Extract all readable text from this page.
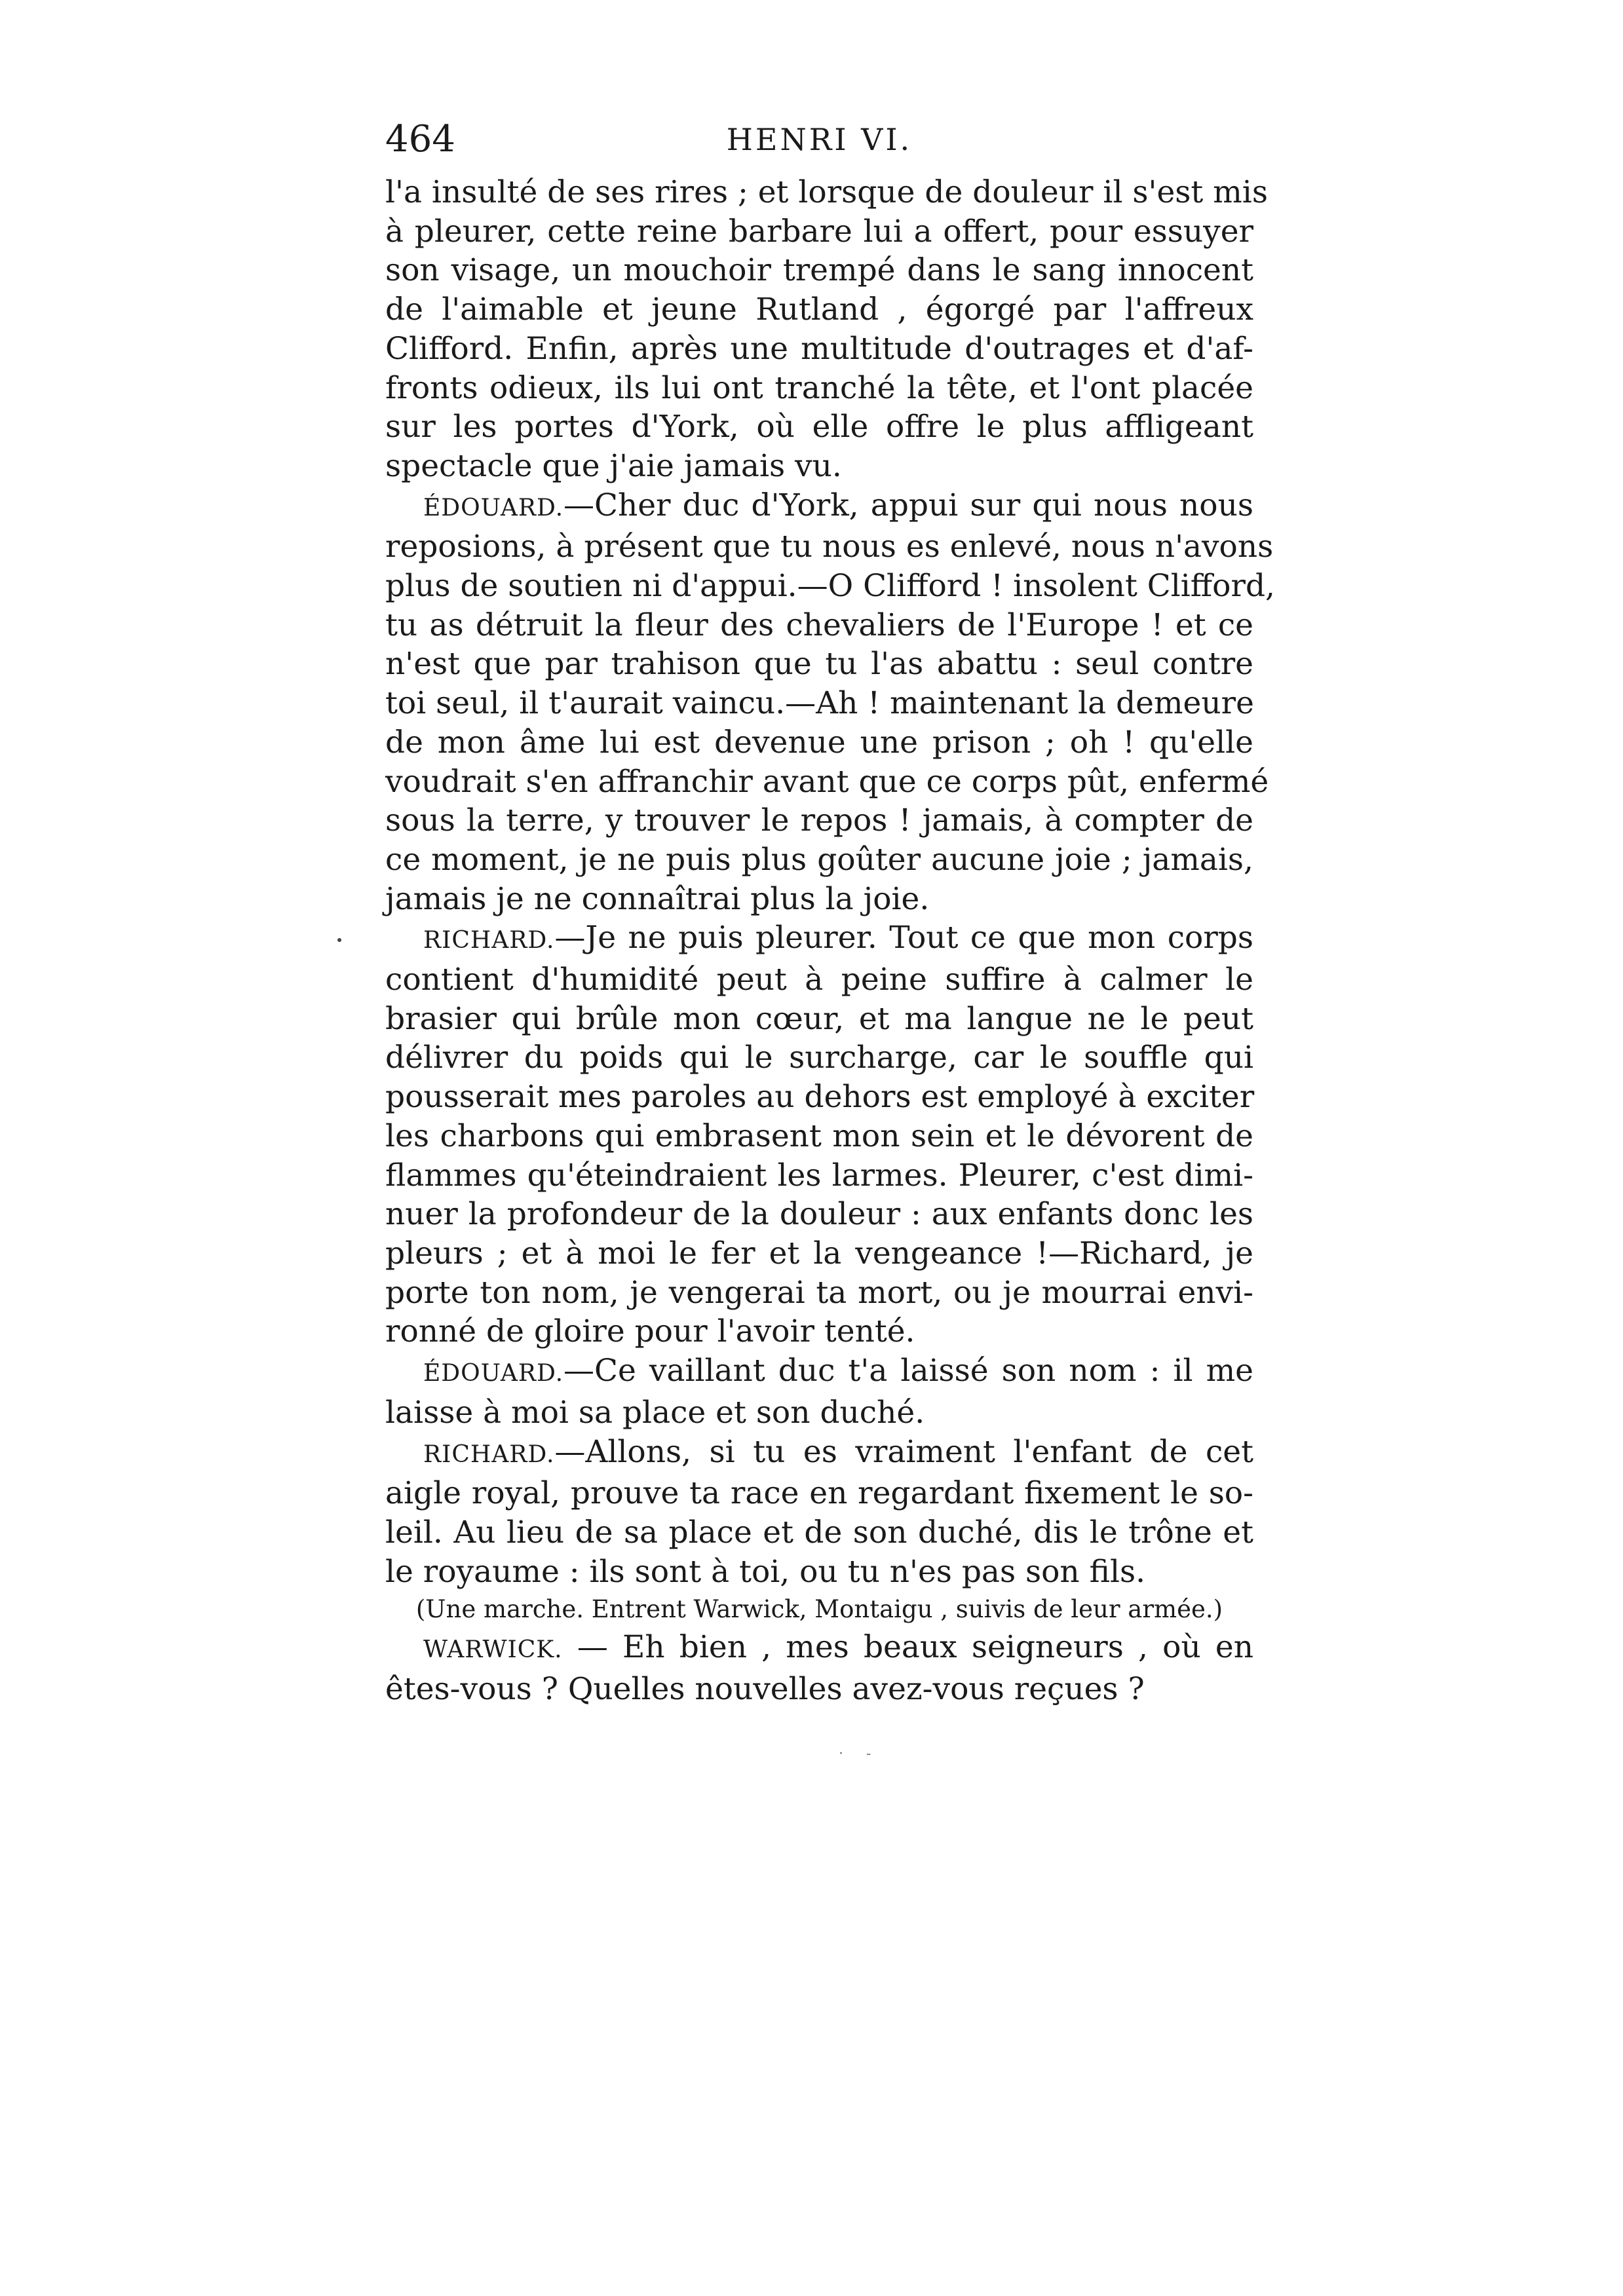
464	HENRI VI.

l'a insulté de ses rires ; et lorsque de douleur il s'est mis
à pleurer, cette reine barbare lui a offert, pour essuyer
son visage, un mouchoir trempé dans le sang innocent
de l'aimable et jeune Rutland , égorgé par l'affreux
Clifford. Enfin, après une multitude d'outrages et d'af-
fronts odieux, ils lui ont tranché la tête, et l'ont placée
sur les portes d'York, où elle offre le plus affligeant
spectacle que j'aie jamais vu.

ÉDOUARD.—Cher duc d'York, appui sur qui nous nous
reposions, à présent que tu nous es enlevé, nous n'avons
plus de soutien ni d'appui.—O Clifford ! insolent Clifford,
tu as détruit la fleur des chevaliers de l'Europe ! et ce
n'est que par trahison que tu l'as abattu : seul contre
toi seul, il t'aurait vaincu.—Ah ! maintenant la demeure
de mon âme lui est devenue une prison ; oh ! qu'elle
voudrait s'en affranchir avant que ce corps pût, enfermé
sous la terre, y trouver le repos ! jamais, à compter de
ce moment, je ne puis plus goûter aucune joie ; jamais,
jamais je ne connaîtrai plus la joie.

RICHARD.—Je ne puis pleurer. Tout ce que mon corps
contient d'humidité peut à peine suffire à calmer le
brasier qui brûle mon cœur, et ma langue ne le peut
délivrer du poids qui le surcharge, car le souffle qui
pousserait mes paroles au dehors est employé à exciter
les charbons qui embrasent mon sein et le dévorent de
flammes qu'éteindraient les larmes. Pleurer, c'est dimi-
nuer la profondeur de la douleur : aux enfants donc les
pleurs ; et à moi le fer et la vengeance !—Richard, je
porte ton nom, je vengerai ta mort, ou je mourrai envi-
ronné de gloire pour l'avoir tenté.

ÉDOUARD.—Ce vaillant duc t'a laissé son nom : il me
laisse à moi sa place et son duché.

RICHARD.—Allons, si tu es vraiment l'enfant de cet
aigle royal, prouve ta race en regardant fixement le so-
leil. Au lieu de sa place et de son duché, dis le trône et
le royaume : ils sont à toi, ou tu n'es pas son fils.

(Une marche. Entrent Warwick, Montaigu , suivis de leur armée.)

WARWICK. — Eh bien , mes beaux seigneurs , où en
êtes-vous ? Quelles nouvelles avez-vous reçues ?

· -
